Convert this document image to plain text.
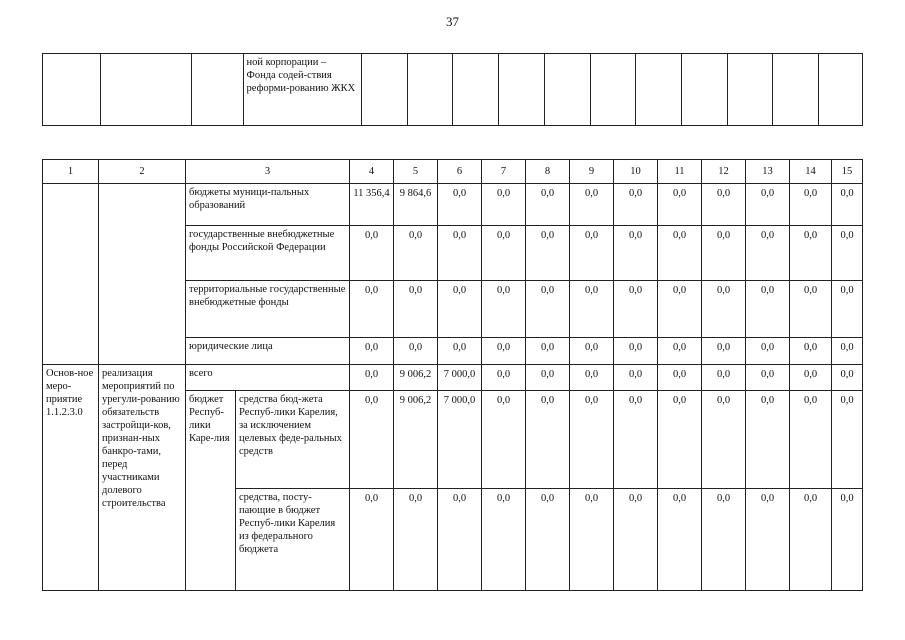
37

ной корпорации – Фонда содей-ствия реформи-рованию ЖКХ

1	2	3		4	5	6	7	8	9	10	11	12	13	14	15

		бюджеты муници-пальных образований		11 356,4	9 864,6	0,0	0,0	0,0	0,0	0,0	0,0	0,0	0,0	0,0	0,0

		государственные внебюджетные фонды Российской Федерации		0,0	0,0	0,0	0,0	0,0	0,0	0,0	0,0	0,0	0,0	0,0	0,0

		территориальные государственные внебюджетные фонды		0,0	0,0	0,0	0,0	0,0	0,0	0,0	0,0	0,0	0,0	0,0	0,0

		юридические лица		0,0	0,0	0,0	0,0	0,0	0,0	0,0	0,0	0,0	0,0	0,0	0,0

Основ-ное меро-приятие 1.1.2.3.0	реализация мероприятий по урегули-рованию обязательств застройщи-ков, признан-ных банкро-тами, перед участниками долевого строительства	всего		0,0	9 006,2	7 000,0	0,0	0,0	0,0	0,0	0,0	0,0	0,0	0,0	0,0

		бюджет Респуб-лики Каре-лия	средства бюд-жета Респуб-лики Карелия, за исключением целевых феде-ральных средств	0,0	9 006,2	7 000,0	0,0	0,0	0,0	0,0	0,0	0,0	0,0	0,0	0,0

			средства, посту-пающие в бюджет Респуб-лики Карелия из федерального бюджета	0,0	0,0	0,0	0,0	0,0	0,0	0,0	0,0	0,0	0,0	0,0	0,0
